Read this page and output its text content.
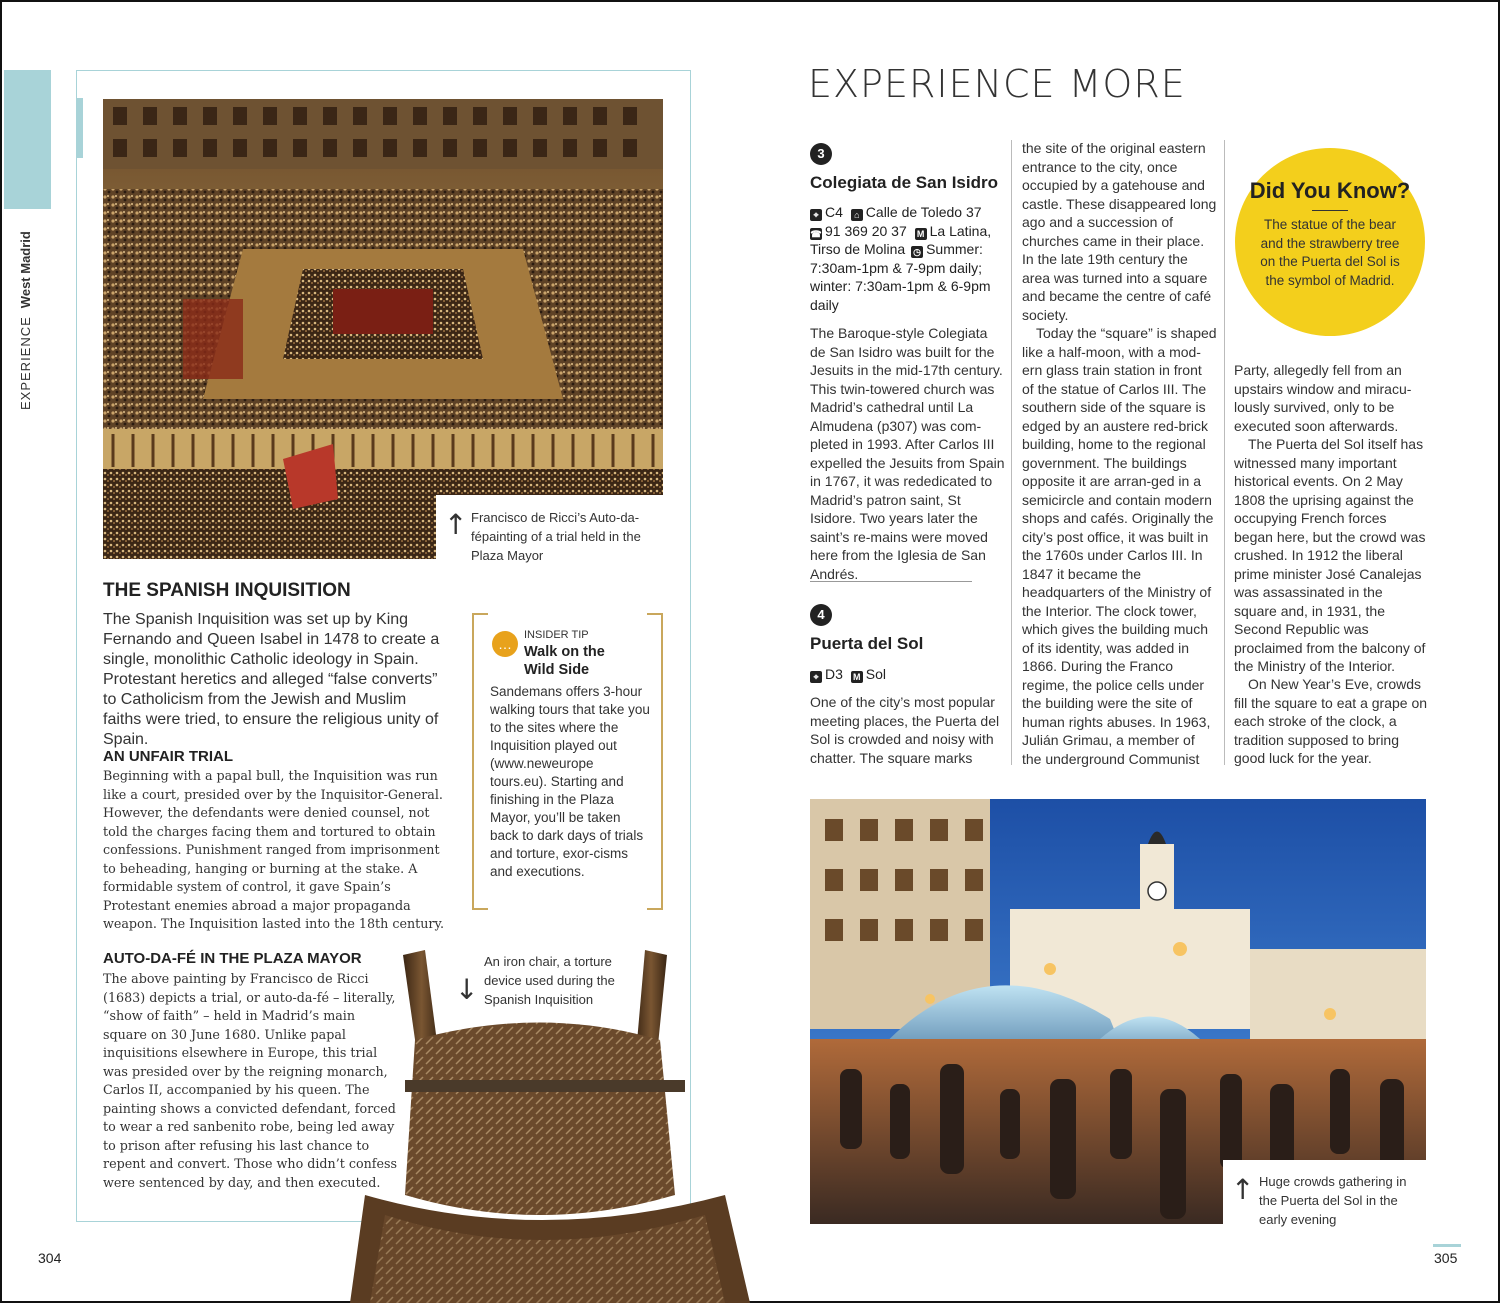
EXPERIENCEWest Madrid
↑ Francisco de Ricci’s Auto-da-fépainting of a trial held in the Plaza Mayor
THE SPANISH INQUISITION
The Spanish Inquisition was set up by King Fernando and Queen Isabel in 1478 to create a single, monolithic Catholic ideology in Spain. Protestant heretics and alleged “false converts” to Catholicism from the Jewish and Muslim faiths were tried, to ensure the religious unity of Spain.
AN UNFAIR TRIAL
Beginning with a papal bull, the Inquisition was run like a court, presided over by the Inquisitor-General. However, the defendants were denied counsel, not told the charges facing them and tortured to obtain confessions. Punishment ranged from imprisonment to beheading, hanging or burning at the stake. A formidable system of control, it gave Spain’s Protestant enemies abroad a major propaganda weapon. The Inquisition lasted into the 18th century.
…
INSIDER TIP
Walk on the
Wild Side
Sandemans offers 3-hour walking tours that take you to the sites where the Inquisition played out (www.neweurope tours.eu). Starting and finishing in the Plaza Mayor, you’ll be taken back to dark days of trials and torture, exor-cisms and executions.
AUTO-DA-FÉ IN THE PLAZA MAYOR
The above painting by Francisco de Ricci (1683) depicts a trial, or auto-da-fé – literally, “show of faith” – held in Madrid’s main square on 30 June 1680. Unlike papal inquisitions elsewhere in Europe, this trial was presided over by the reigning monarch, Carlos II, accompanied by his queen. The painting shows a convicted defendant, forced to wear a red sanbenito robe, being led away to prison after refusing his last chance to repent and convert. Those who didn’t confess were sentenced by day, and then executed.
↓
An iron chair, a torture device used during the Spanish Inquisition
304
EXPERIENCE MORE
3
Colegiata de San Isidro
⌖ C4 ⌂ Calle de Toledo 37
☎ 91 369 20 37 M La Latina, Tirso de Molina ◷ Summer: 7:30am-1pm & 7-9pm daily; winter: 7:30am-1pm & 6-9pm daily
The Baroque-style Colegiata de San Isidro was built for the Jesuits in the mid-17th century. This twin-towered church was Madrid’s cathedral until La Almudena (p307) was com-pleted in 1993. After Carlos III expelled the Jesuits from Spain in 1767, it was rededicated to Madrid’s patron saint, St Isidore. Two years later the saint’s re-mains were moved here from the Iglesia de San Andrés.
4
Puerta del Sol
⌖ D3 M Sol
One of the city’s most popular meeting places, the Puerta del Sol is crowded and noisy with chatter. The square marks
the site of the original eastern entrance to the city, once occupied by a gatehouse and castle. These disappeared long ago and a succession of churches came in their place. In the late 19th century the area was turned into a square and became the centre of café society.
Today the “square” is shaped like a half-moon, with a mod-ern glass train station in front of the statue of Carlos III. The southern side of the square is edged by an austere red-brick building, home to the regional government. The buildings opposite it are arran-ged in a semicircle and contain modern shops and cafés. Originally the city’s post office, it was built in the 1760s under Carlos III. In 1847 it became the headquarters of the Ministry of the Interior. The clock tower, which gives the building much of its identity, was added in 1866. During the Franco regime, the police cells under the building were the site of human rights abuses. In 1963, Julián Grimau, a member of the underground Communist
Did You Know?
The statue of the bear and the strawberry tree on the Puerta del Sol is the symbol of Madrid.
Party, allegedly fell from an upstairs window and miracu-lously survived, only to be executed soon afterwards.
The Puerta del Sol itself has witnessed many important historical events. On 2 May 1808 the uprising against the occupying French forces began here, but the crowd was crushed. In 1912 the liberal prime minister José Canalejas was assassinated in the square and, in 1931, the Second Republic was proclaimed from the balcony of the Ministry of the Interior.
On New Year’s Eve, crowds fill the square to eat a grape on each stroke of the clock, a tradition supposed to bring good luck for the year.
↑ Huge crowds gathering in the Puerta del Sol in the early evening
305
